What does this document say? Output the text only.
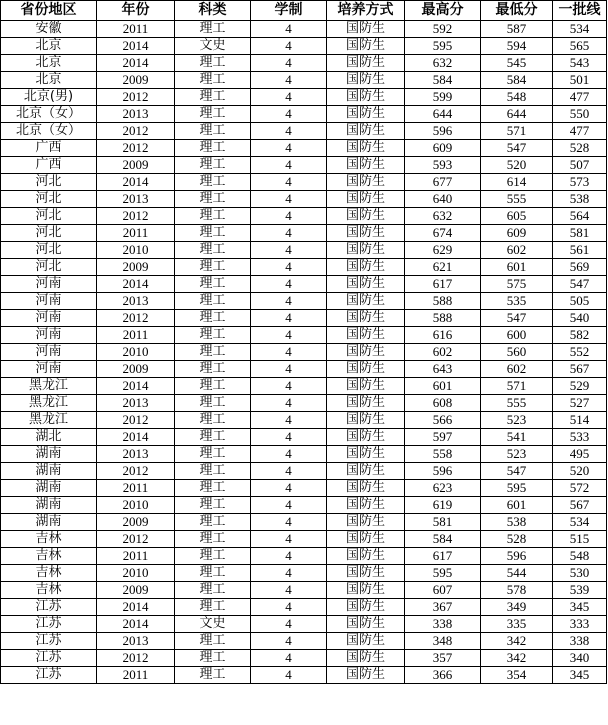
省份地区	年份	科类	学制	培养方式	最高分	最低分	一批线
安徽	2011	理工	4	国防生	592	587	534
北京	2014	文史	4	国防生	595	594	565
北京	2014	理工	4	国防生	632	545	543
北京	2009	理工	4	国防生	584	584	501
北京(男)	2012	理工	4	国防生	599	548	477
北京（女）	2013	理工	4	国防生	644	644	550
北京（女）	2012	理工	4	国防生	596	571	477
广西	2012	理工	4	国防生	609	547	528
广西	2009	理工	4	国防生	593	520	507
河北	2014	理工	4	国防生	677	614	573
河北	2013	理工	4	国防生	640	555	538
河北	2012	理工	4	国防生	632	605	564
河北	2011	理工	4	国防生	674	609	581
河北	2010	理工	4	国防生	629	602	561
河北	2009	理工	4	国防生	621	601	569
河南	2014	理工	4	国防生	617	575	547
河南	2013	理工	4	国防生	588	535	505
河南	2012	理工	4	国防生	588	547	540
河南	2011	理工	4	国防生	616	600	582
河南	2010	理工	4	国防生	602	560	552
河南	2009	理工	4	国防生	643	602	567
黑龙江	2014	理工	4	国防生	601	571	529
黑龙江	2013	理工	4	国防生	608	555	527
黑龙江	2012	理工	4	国防生	566	523	514
湖北	2014	理工	4	国防生	597	541	533
湖南	2013	理工	4	国防生	558	523	495
湖南	2012	理工	4	国防生	596	547	520
湖南	2011	理工	4	国防生	623	595	572
湖南	2010	理工	4	国防生	619	601	567
湖南	2009	理工	4	国防生	581	538	534
吉林	2012	理工	4	国防生	584	528	515
吉林	2011	理工	4	国防生	617	596	548
吉林	2010	理工	4	国防生	595	544	530
吉林	2009	理工	4	国防生	607	578	539
江苏	2014	理工	4	国防生	367	349	345
江苏	2014	文史	4	国防生	338	335	333
江苏	2013	理工	4	国防生	348	342	338
江苏	2012	理工	4	国防生	357	342	340
江苏	2011	理工	4	国防生	366	354	345
